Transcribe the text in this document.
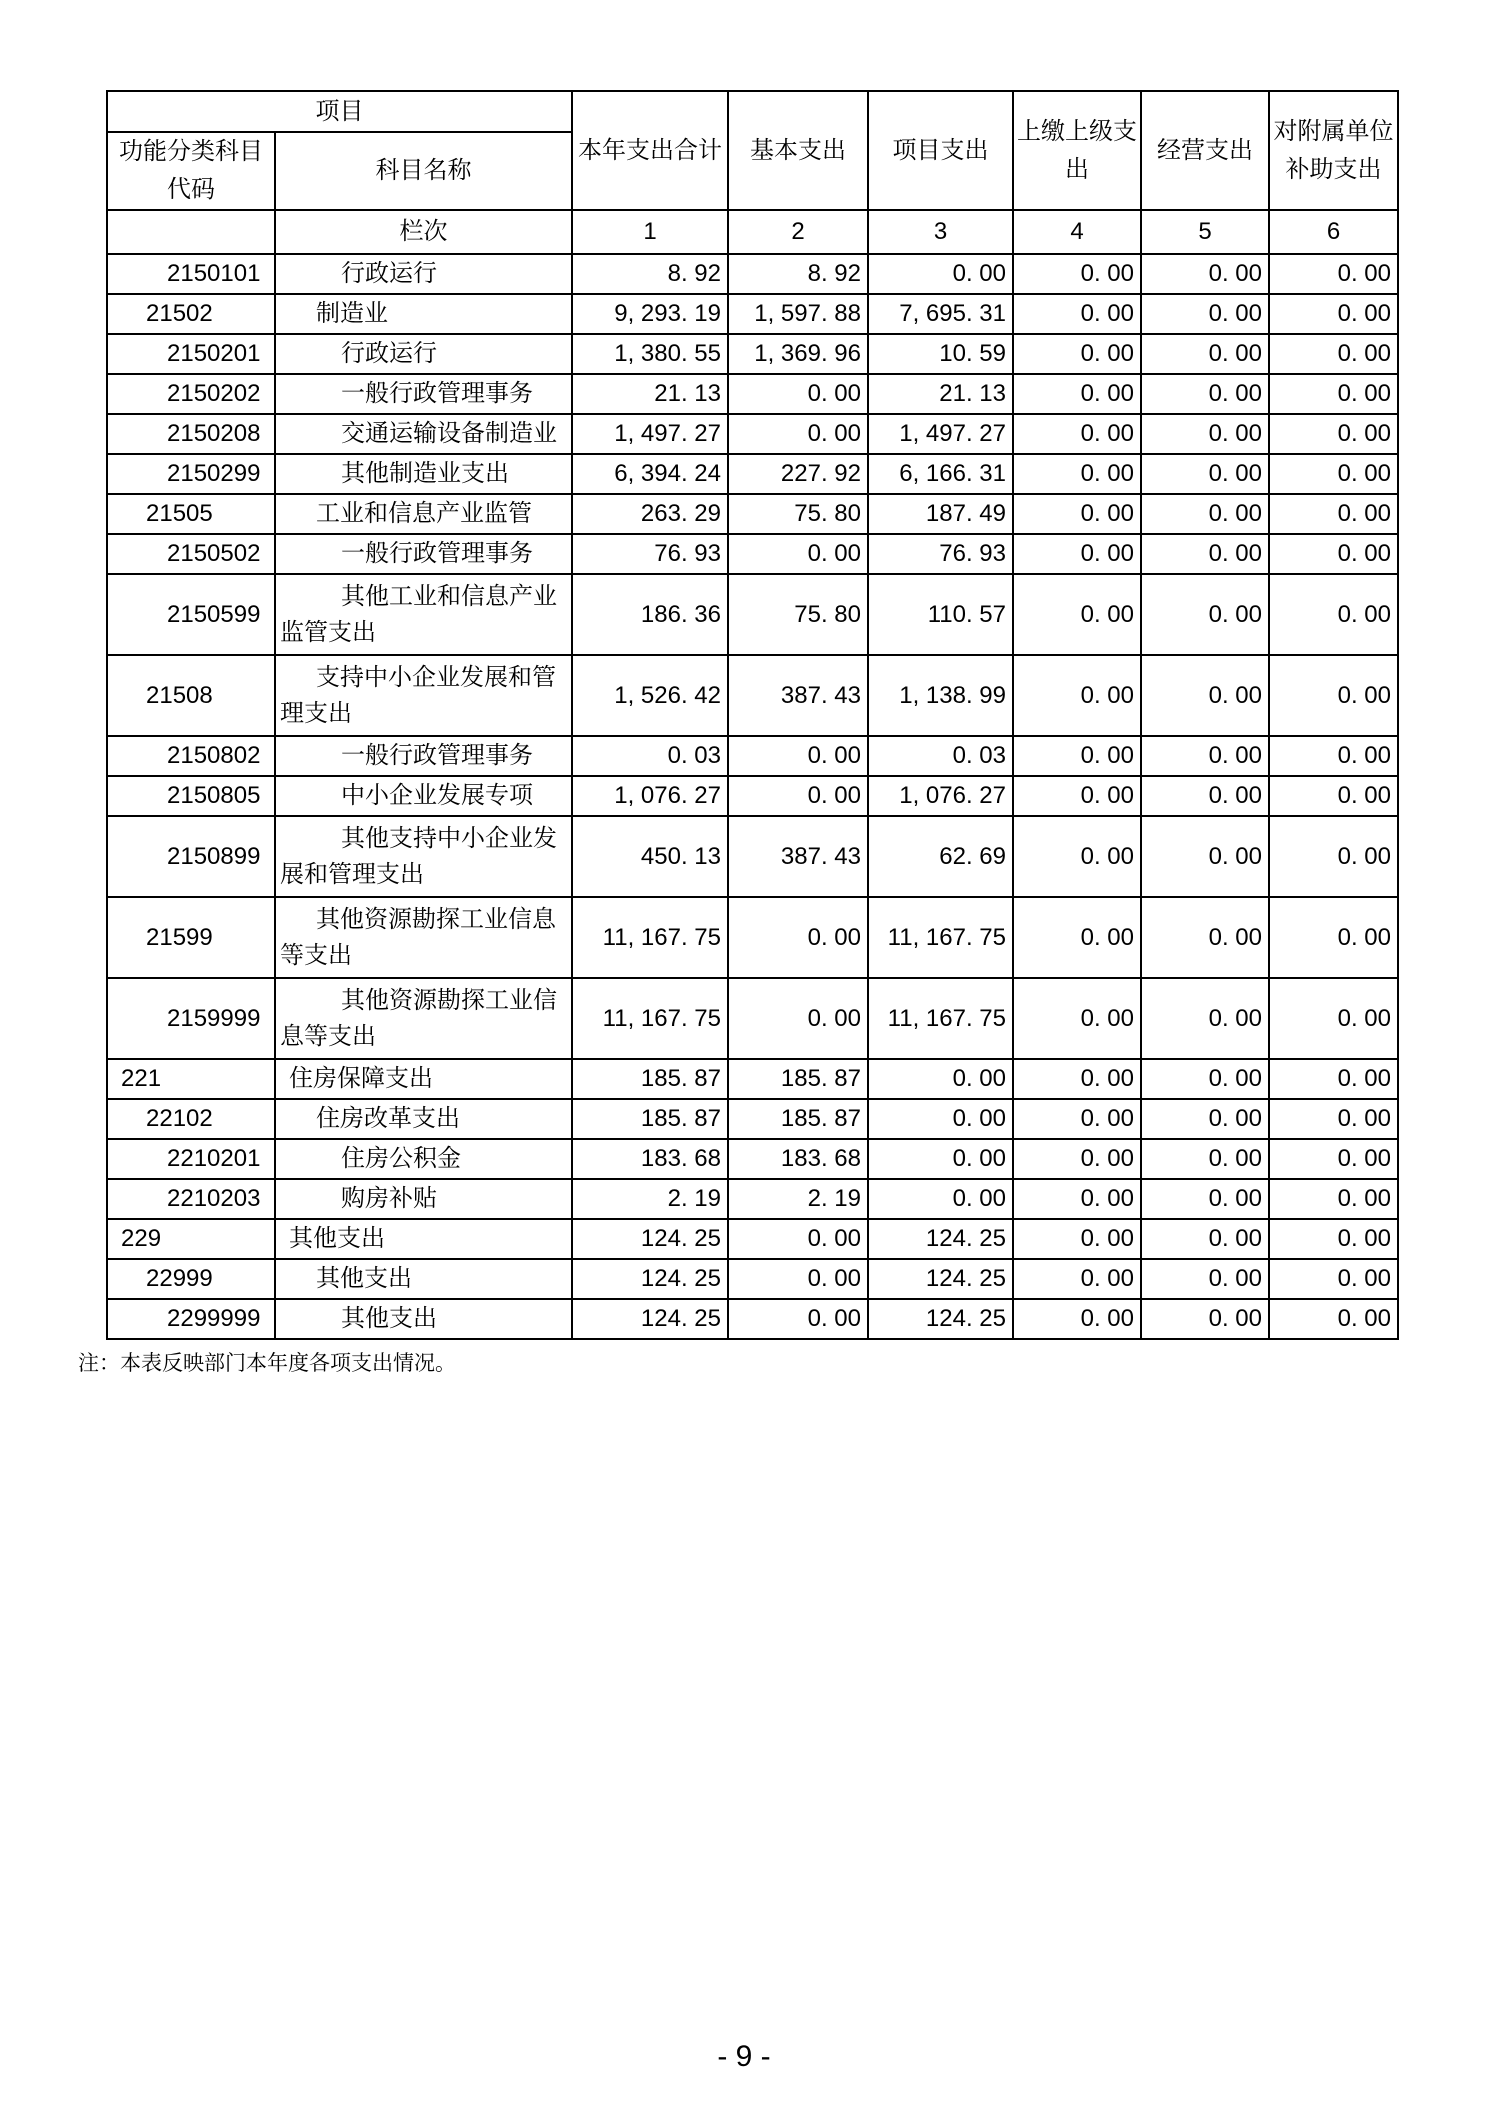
项目		本年支出合计	基本支出	项目支出	上缴上级支出	经营支出	对附属单位补助支出

功能分类科目
代码	科目名称						
	栏次	1	2	3	4	5	6
2150101	行政运行	8. 92	8. 92	0. 00	0. 00	0. 00	0. 00
21502	制造业	9, 293. 19	1, 597. 88	7, 695. 31	0. 00	0. 00	0. 00
2150201	行政运行	1, 380. 55	1, 369. 96	10. 59	0. 00	0. 00	0. 00
2150202	一般行政管理事务	21. 13	0. 00	21. 13	0. 00	0. 00	0. 00
2150208	交通运输设备制造业	1, 497. 27	0. 00	1, 497. 27	0. 00	0. 00	0. 00
2150299	其他制造业支出	6, 394. 24	227. 92	6, 166. 31	0. 00	0. 00	0. 00
21505	工业和信息产业监管	263. 29	75. 80	187. 49	0. 00	0. 00	0. 00
2150502	一般行政管理事务	76. 93	0. 00	76. 93	0. 00	0. 00	0. 00
2150599	其他工业和信息产业监管支出	186. 36	75. 80	110. 57	0. 00	0. 00	0. 00
21508	支持中小企业发展和管理支出	1, 526. 42	387. 43	1, 138. 99	0. 00	0. 00	0. 00
2150802	一般行政管理事务	0. 03	0. 00	0. 03	0. 00	0. 00	0. 00
2150805	中小企业发展专项	1, 076. 27	0. 00	1, 076. 27	0. 00	0. 00	0. 00
2150899	其他支持中小企业发展和管理支出	450. 13	387. 43	62. 69	0. 00	0. 00	0. 00
21599	其他资源勘探工业信息等支出	11, 167. 75	0. 00	11, 167. 75	0. 00	0. 00	0. 00
2159999	其他资源勘探工业信息等支出	11, 167. 75	0. 00	11, 167. 75	0. 00	0. 00	0. 00
221	住房保障支出	185. 87	185. 87	0. 00	0. 00	0. 00	0. 00
22102	住房改革支出	185. 87	185. 87	0. 00	0. 00	0. 00	0. 00
2210201	住房公积金	183. 68	183. 68	0. 00	0. 00	0. 00	0. 00
2210203	购房补贴	2. 19	2. 19	0. 00	0. 00	0. 00	0. 00
229	其他支出	124. 25	0. 00	124. 25	0. 00	0. 00	0. 00
22999	其他支出	124. 25	0. 00	124. 25	0. 00	0. 00	0. 00
2299999	其他支出	124. 25	0. 00	124. 25	0. 00	0. 00	0. 00
注：本表反映部门本年度各项支出情况。
- 9 -
